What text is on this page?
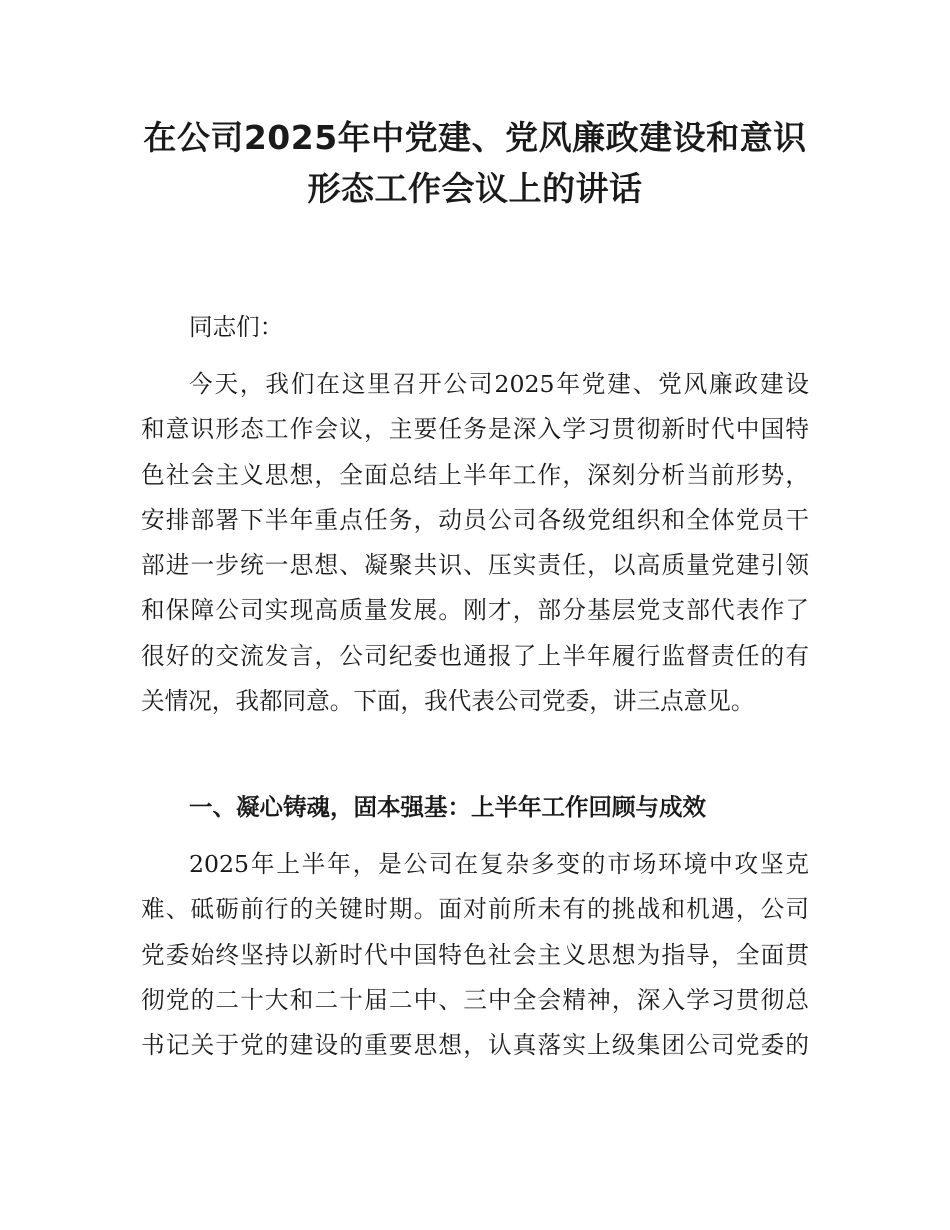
在公司2025年中党建、党风廉政建设和意识
形态工作会议上的讲话

同志们：

今天，我们在这里召开公司2025年党建、党风廉政建设
和意识形态工作会议，主要任务是深入学习贯彻新时代中国特
色社会主义思想，全面总结上半年工作，深刻分析当前形势，
安排部署下半年重点任务，动员公司各级党组织和全体党员干
部进一步统一思想、凝聚共识、压实责任，以高质量党建引领
和保障公司实现高质量发展。刚才，部分基层党支部代表作了
很好的交流发言，公司纪委也通报了上半年履行监督责任的有
关情况，我都同意。下面，我代表公司党委，讲三点意见。

一、凝心铸魂，固本强基：上半年工作回顾与成效

2025年上半年，是公司在复杂多变的市场环境中攻坚克
难、砥砺前行的关键时期。面对前所未有的挑战和机遇，公司
党委始终坚持以新时代中国特色社会主义思想为指导，全面贯
彻党的二十大和二十届二中、三中全会精神，深入学习贯彻总
书记关于党的建设的重要思想，认真落实上级集团公司党委的
